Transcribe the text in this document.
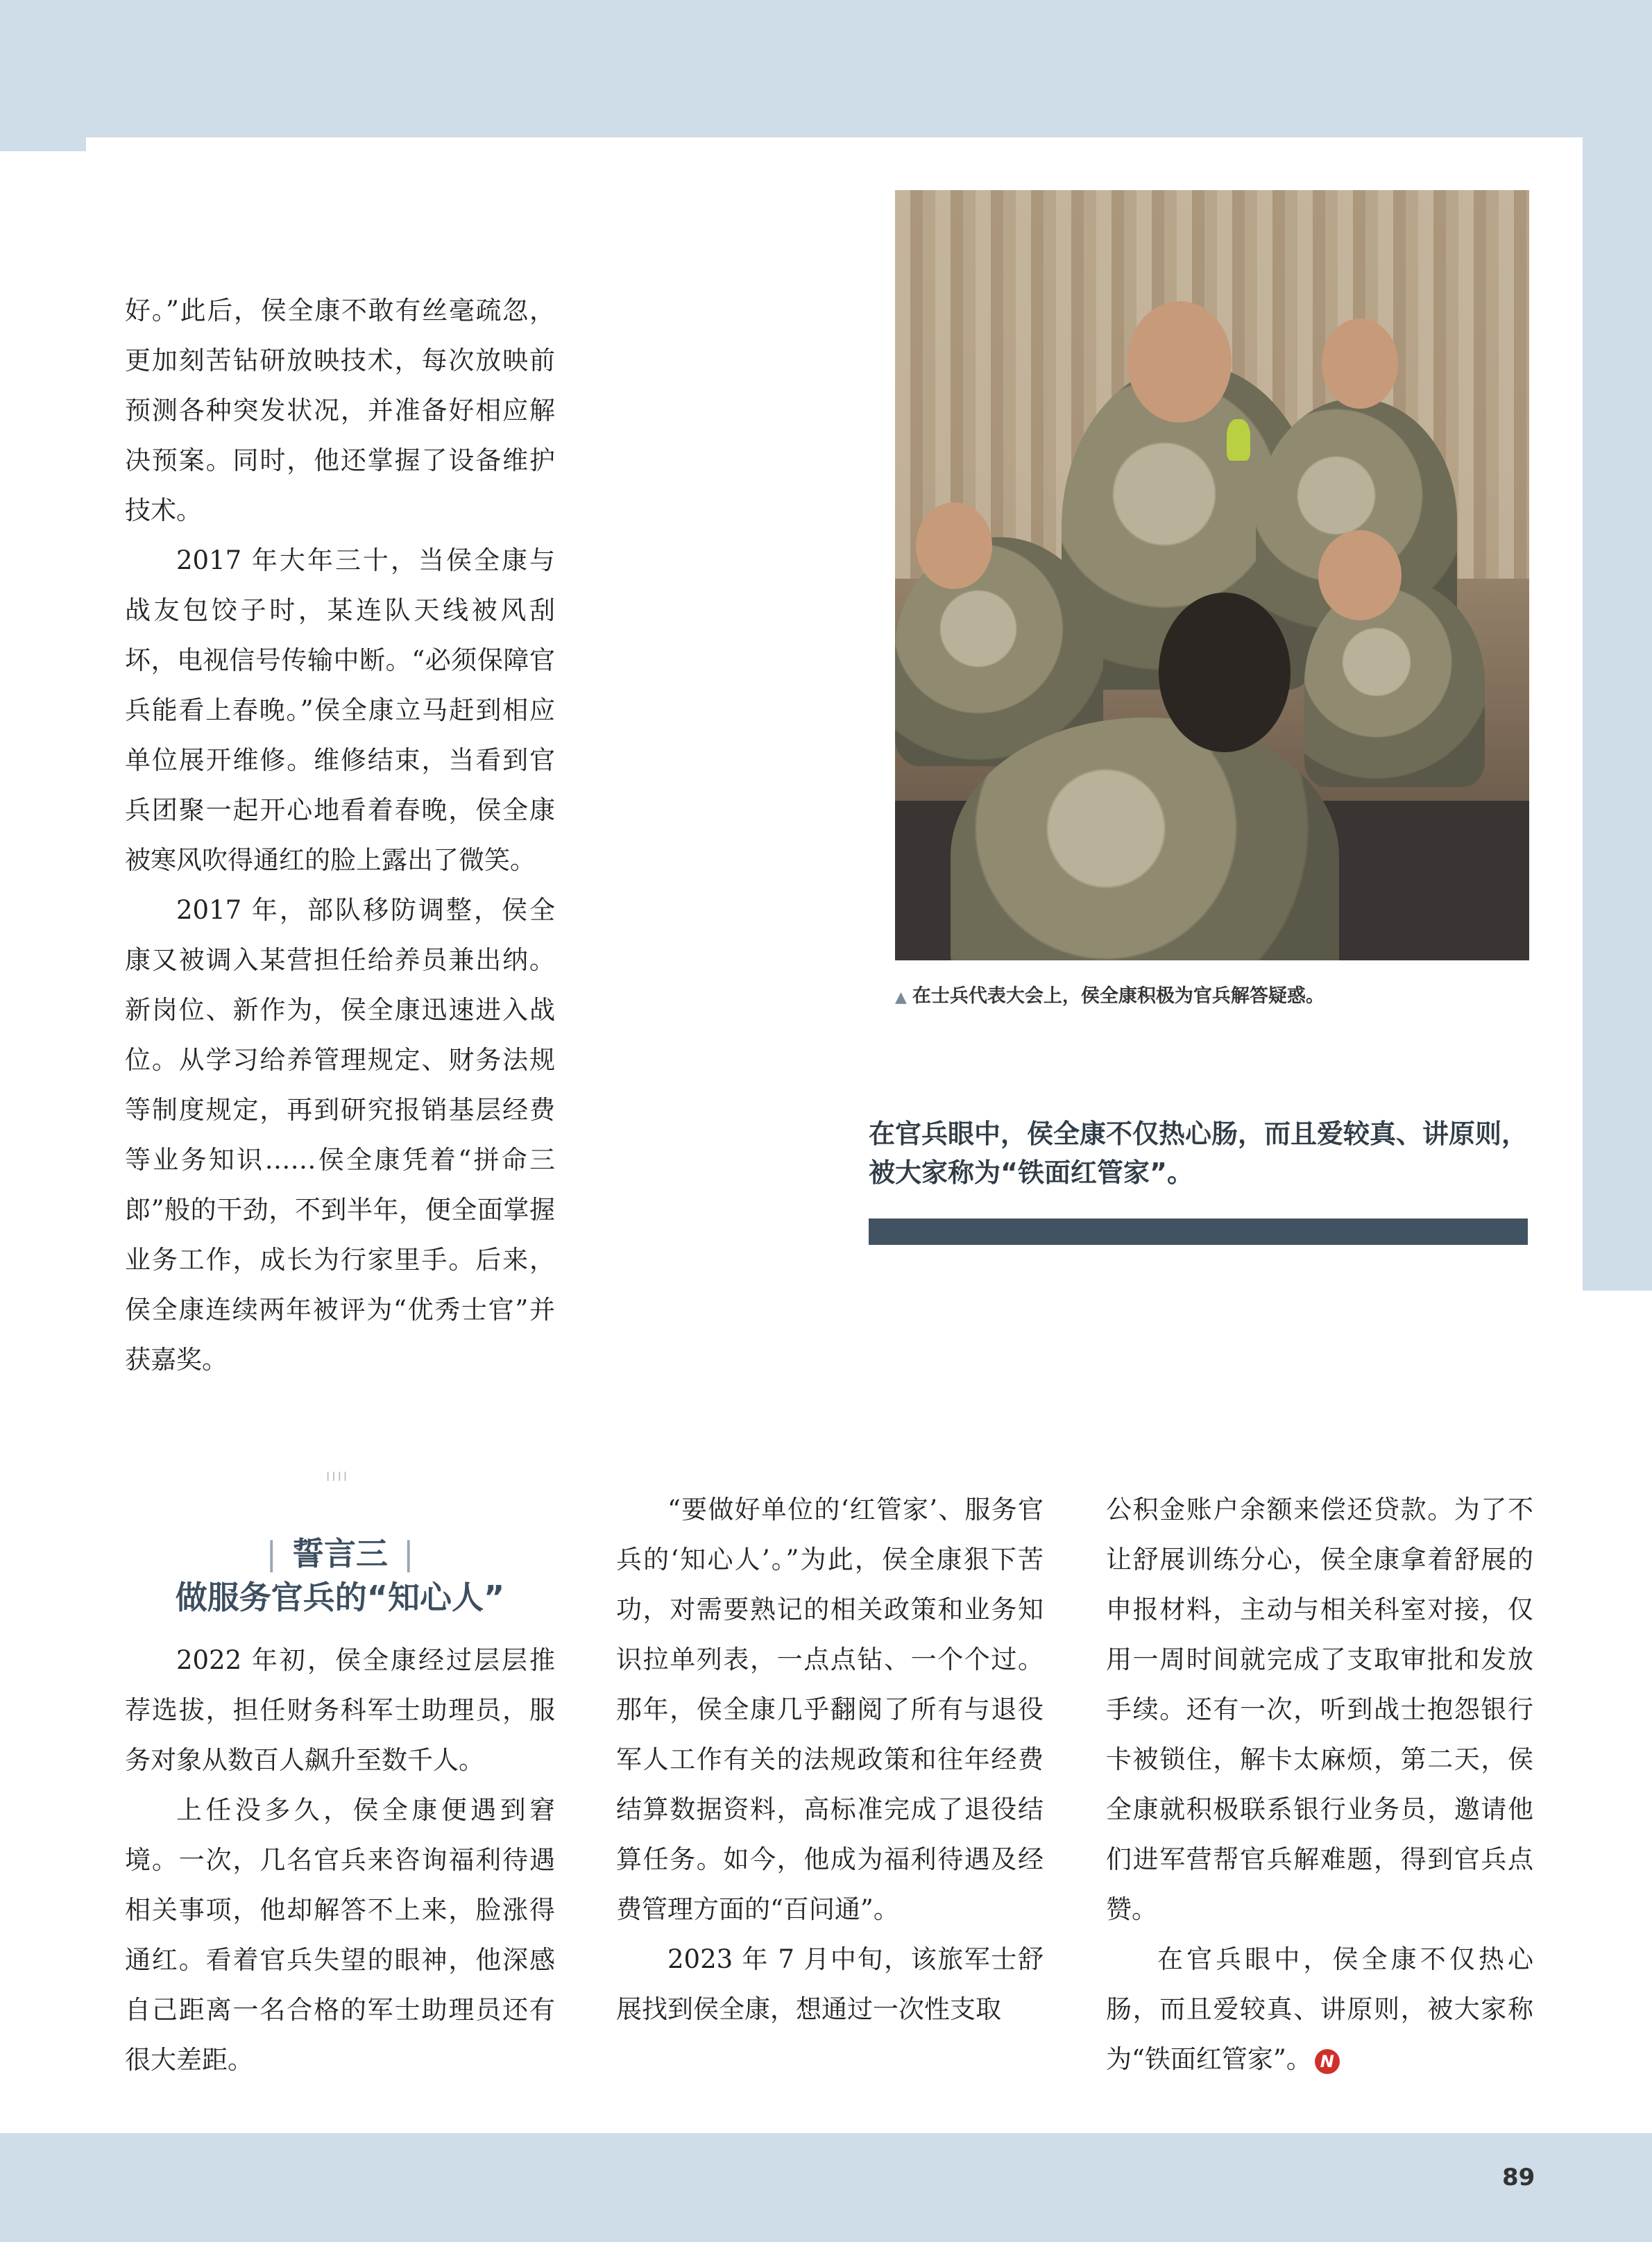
好。”此后，侯全康不敢有丝毫疏忽，更加刻苦钻研放映技术，每次放映前预测各种突发状况，并准备好相应解决预案。同时，他还掌握了设备维护技术。

2017 年大年三十，当侯全康与战友包饺子时，某连队天线被风刮坏，电视信号传输中断。“必须保障官兵能看上春晚。”侯全康立马赶到相应单位展开维修。维修结束，当看到官兵团聚一起开心地看着春晚，侯全康被寒风吹得通红的脸上露出了微笑。

2017 年，部队移防调整，侯全康又被调入某营担任给养员兼出纳。新岗位、新作为，侯全康迅速进入战位。从学习给养管理规定、财务法规等制度规定，再到研究报销基层经费等业务知识……侯全康凭着“拼命三郎”般的干劲，不到半年，便全面掌握业务工作，成长为行家里手。后来，侯全康连续两年被评为“优秀士官”并获嘉奖。

IIII
| 誓言三 |
做服务官兵的“知心人”

2022 年初，侯全康经过层层推荐选拔，担任财务科军士助理员，服务对象从数百人飙升至数千人。

上任没多久，侯全康便遇到窘境。一次，几名官兵来咨询福利待遇相关事项，他却解答不上来，脸涨得通红。看着官兵失望的眼神，他深感自己距离一名合格的军士助理员还有很大差距。

“要做好单位的‘红管家’、服务官兵的‘知心人’。”为此，侯全康狠下苦功，对需要熟记的相关政策和业务知识拉单列表，一点点钻、一个个过。那年，侯全康几乎翻阅了所有与退役军人工作有关的法规政策和往年经费结算数据资料，高标准完成了退役结算任务。如今，他成为福利待遇及经费管理方面的“百问通”。

2023 年 7 月中旬，该旅军士舒展找到侯全康，想通过一次性支取

公积金账户余额来偿还贷款。为了不让舒展训练分心，侯全康拿着舒展的申报材料，主动与相关科室对接，仅用一周时间就完成了支取审批和发放手续。还有一次，听到战士抱怨银行卡被锁住，解卡太麻烦，第二天，侯全康就积极联系银行业务员，邀请他们进军营帮官兵解难题，得到官兵点赞。

在官兵眼中，侯全康不仅热心肠，而且爱较真、讲原则，被大家称为“铁面红管家”。 N

▲ 在士兵代表大会上，侯全康积极为官兵解答疑惑。
在官兵眼中，侯全康不仅热心肠，而且爱较真、讲原则，被大家称为“铁面红管家”。
89
